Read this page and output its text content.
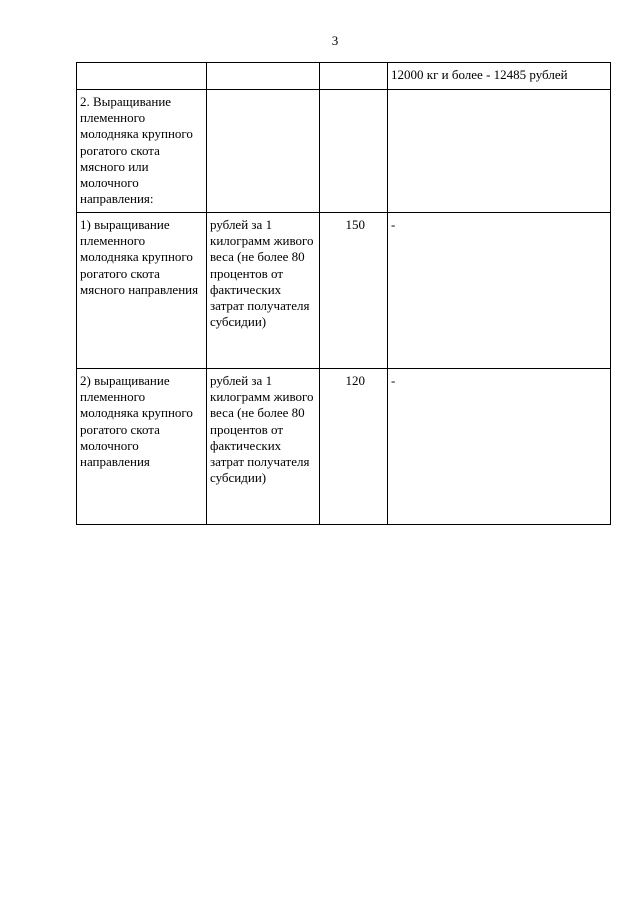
3
			12000 кг и более - 12485 рублей
2. Выращивание племенного молодняка крупного рогатого скота мясного или молочного направления:			
1) выращивание племенного молодняка крупного рогатого скота мясного направления	рублей за 1 килограмм живого веса (не более 80 процентов от фактических затрат получателя субсидии)	150	-
2) выращивание племенного молодняка крупного рогатого скота молочного направления	рублей за 1 килограмм живого веса (не более 80 процентов от фактических затрат получателя субсидии)	120	-
